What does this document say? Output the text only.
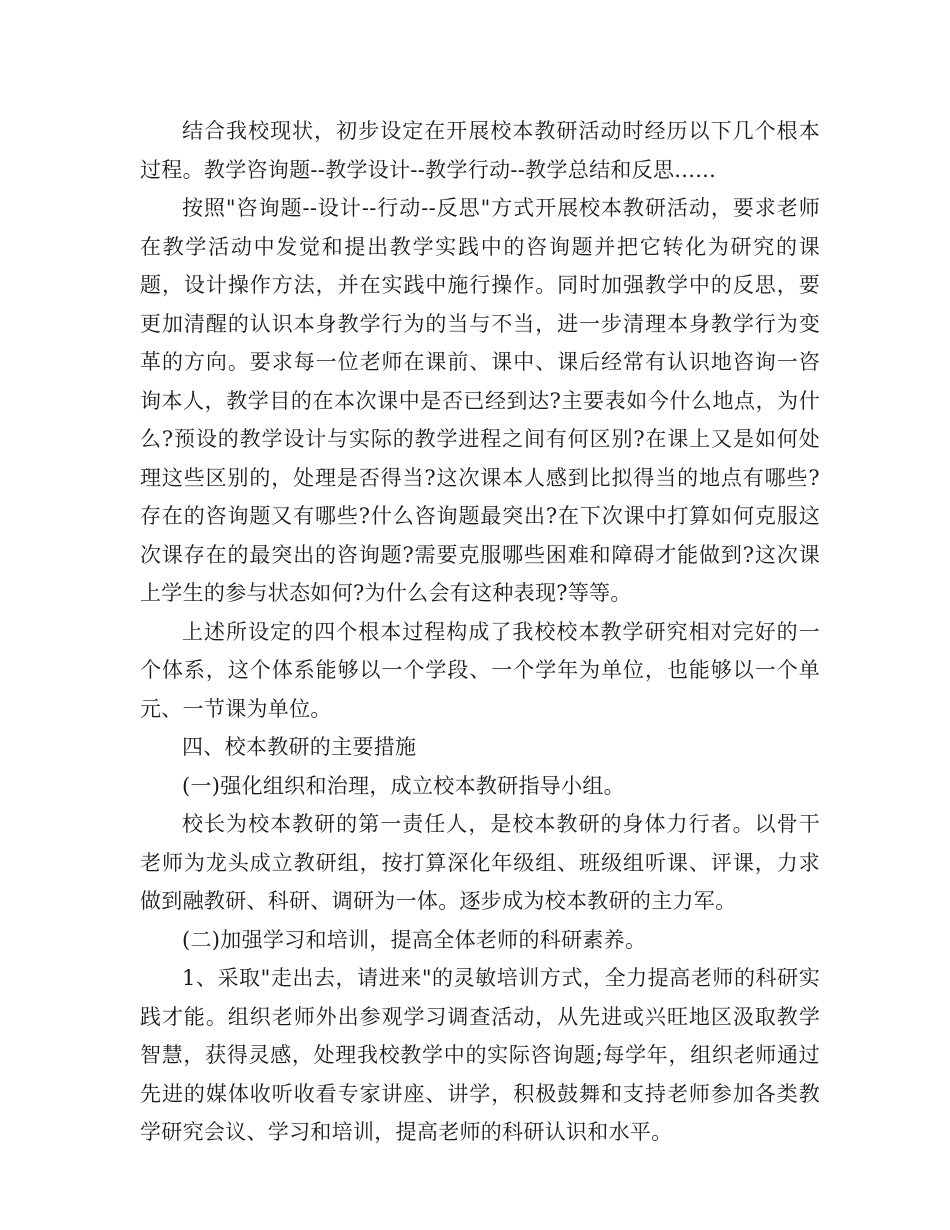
结合我校现状，初步设定在开展校本教研活动时经历以下几个根本过程。教学咨询题--教学设计--教学行动--教学总结和反思......

按照"咨询题--设计--行动--反思"方式开展校本教研活动，要求老师在教学活动中发觉和提出教学实践中的咨询题并把它转化为研究的课题，设计操作方法，并在实践中施行操作。同时加强教学中的反思，要更加清醒的认识本身教学行为的当与不当，进一步清理本身教学行为变革的方向。要求每一位老师在课前、课中、课后经常有认识地咨询一咨询本人，教学目的在本次课中是否已经到达?主要表如今什么地点，为什么?预设的教学设计与实际的教学进程之间有何区别?在课上又是如何处理这些区别的，处理是否得当?这次课本人感到比拟得当的地点有哪些?存在的咨询题又有哪些?什么咨询题最突出?在下次课中打算如何克服这次课存在的最突出的咨询题?需要克服哪些困难和障碍才能做到?这次课上学生的参与状态如何?为什么会有这种表现?等等。

上述所设定的四个根本过程构成了我校校本教学研究相对完好的一个体系，这个体系能够以一个学段、一个学年为单位，也能够以一个单元、一节课为单位。

四、校本教研的主要措施

(一)强化组织和治理，成立校本教研指导小组。

校长为校本教研的第一责任人，是校本教研的身体力行者。以骨干老师为龙头成立教研组，按打算深化年级组、班级组听课、评课，力求做到融教研、科研、调研为一体。逐步成为校本教研的主力军。

(二)加强学习和培训，提高全体老师的科研素养。

1、采取"走出去，请进来"的灵敏培训方式，全力提高老师的科研实践才能。组织老师外出参观学习调查活动，从先进或兴旺地区汲取教学智慧，获得灵感，处理我校教学中的实际咨询题;每学年，组织老师通过先进的媒体收听收看专家讲座、讲学，积极鼓舞和支持老师参加各类教学研究会议、学习和培训，提高老师的科研认识和水平。
